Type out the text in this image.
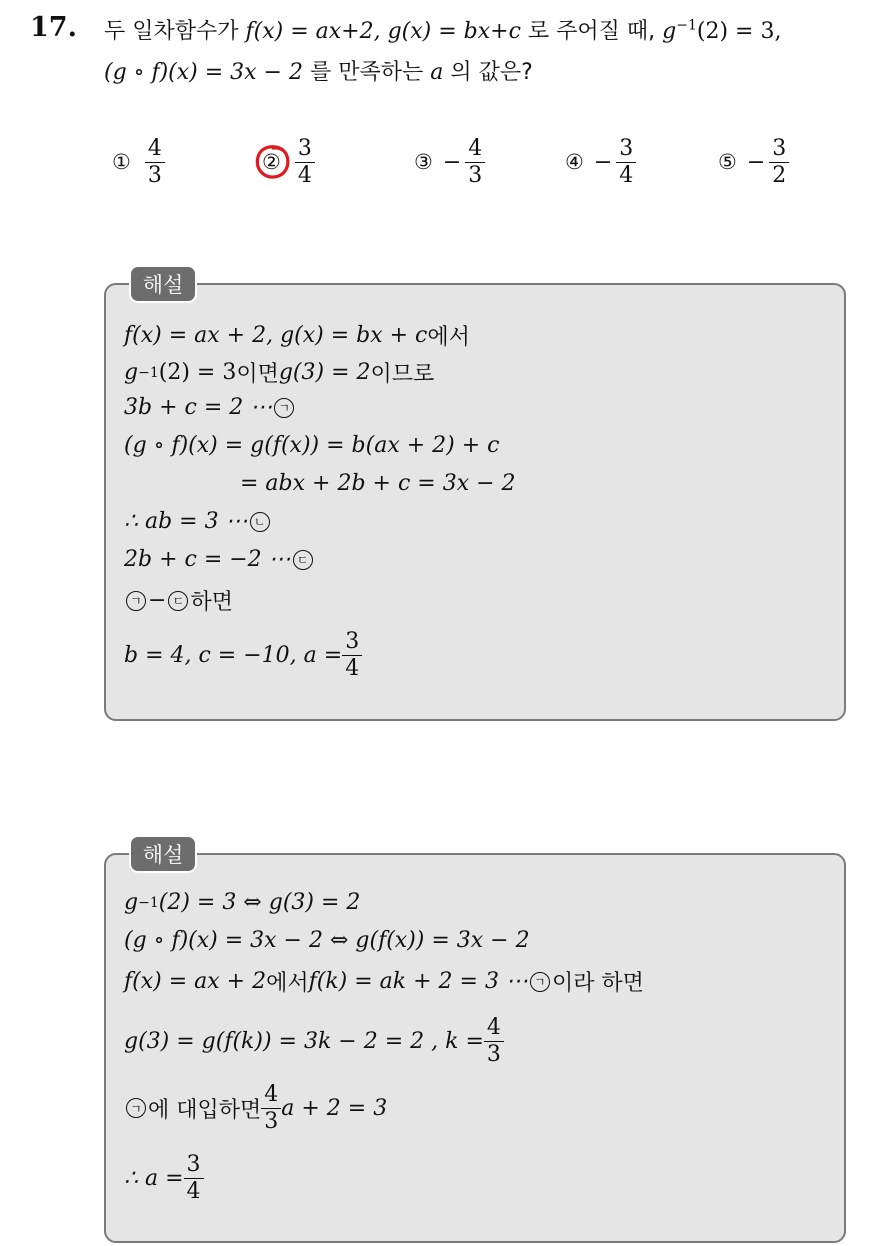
17. 두 일차함수가 f(x) = ax+2, g(x) = bx+c 로 주어질 때, $g^{-1}(2) = 3$,
(g ∘ f)(x) = 3x − 2 를 만족하는 a 의 값은?
① $\frac{4}{3}$	② $\frac{3}{4}$	③ − $\frac{4}{3}$	④ − $\frac{3}{4}$	⑤ − $\frac{3}{2}$
해설
f(x) = ax + 2, g(x) = bx + c 에서
g −1 (2) = 3 이면 g(3) = 2 이므로
3b + c = 2 ⋯ ㄱ
(g ∘ f)(x) = g(f(x)) = b(ax + 2) + c
= abx + 2b + c = 3x − 2
∴ ab = 3 ⋯ ㄴ
2b + c = −2 ⋯ ㄷ
ㄱ − ㄷ 하면
b = 4, c = −10, $a = \frac{3}{4}$
해설
g −1 (2) = 3 ⇔ g(3) = 2
(g ∘ f)(x) = 3x − 2 ⇔ g(f(x)) = 3x − 2
f(x) = ax + 2 에서 f(k) = ak + 2 = 3 ⋯ ㄱ 이라 하면
g(3) = g(f(k)) = 3k − 2 = 2 , $k = \frac{4}{3}$
ㄱ 에 대입하면 $\frac{4}{3}$ a + 2 = 3
∴ $a = \frac{3}{4}$
